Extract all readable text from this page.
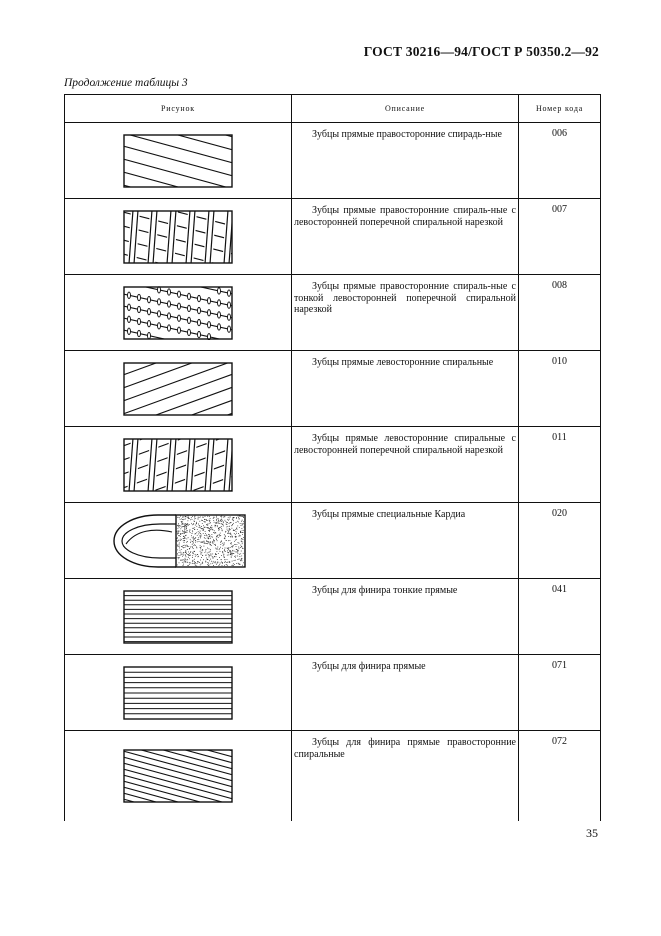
ГОСТ 30216—94/ГОСТ Р 50350.2—92
Продолжение таблицы 3
Рисунок	Описание	Номер кода

	Зубцы прямые правосторонние спирадь-ные	006

	Зубцы прямые правосторонние спираль-ные с левосторонней поперечной спиральной нарезкой	007

	Зубцы прямые правосторонние спираль-ные с тонкой левосторонней поперечной спиральной нарезкой	008

	Зубцы прямые левосторонние спиральные	010

	Зубцы прямые левосторонние спиральные с левосторонней поперечной спиральной нарезкой	011

	Зубцы прямые специальные Кардиа	020

	Зубцы для финира тонкие прямые	041

	Зубцы для финира прямые	071

	Зубцы для финира прямые правосторонние спиральные	072
35
